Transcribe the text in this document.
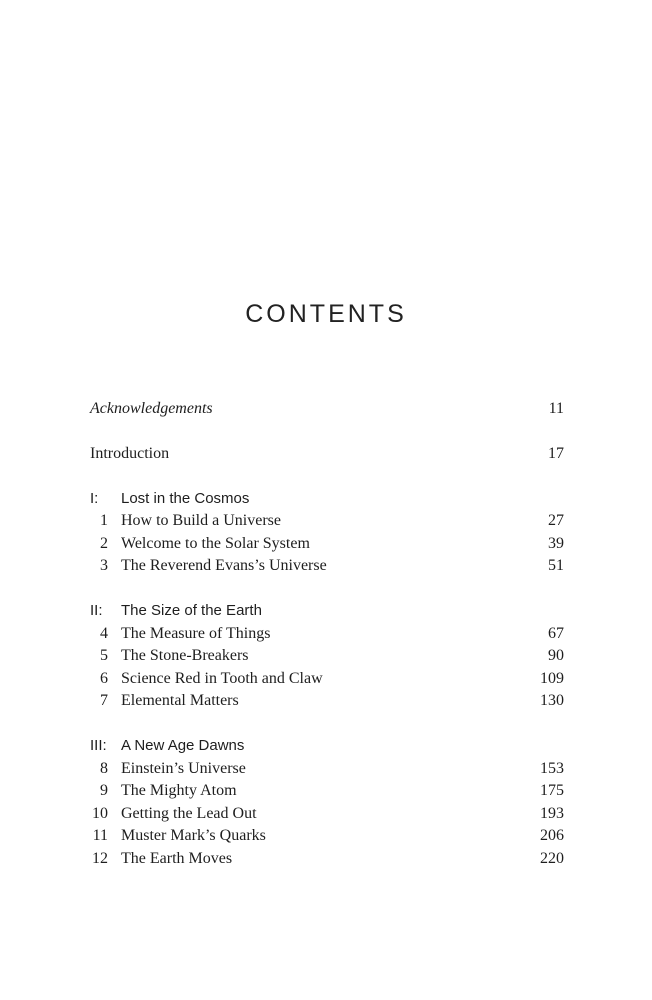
CONTENTS
Acknowledgements	11
Introduction	17
I: Lost in the Cosmos
1 How to Build a Universe	27
2 Welcome to the Solar System	39
3 The Reverend Evans’s Universe	51
II: The Size of the Earth
4 The Measure of Things	67
5 The Stone-Breakers	90
6 Science Red in Tooth and Claw	109
7 Elemental Matters	130
III: A New Age Dawns
8 Einstein’s Universe	153
9 The Mighty Atom	175
10 Getting the Lead Out	193
11 Muster Mark’s Quarks	206
12 The Earth Moves	220
